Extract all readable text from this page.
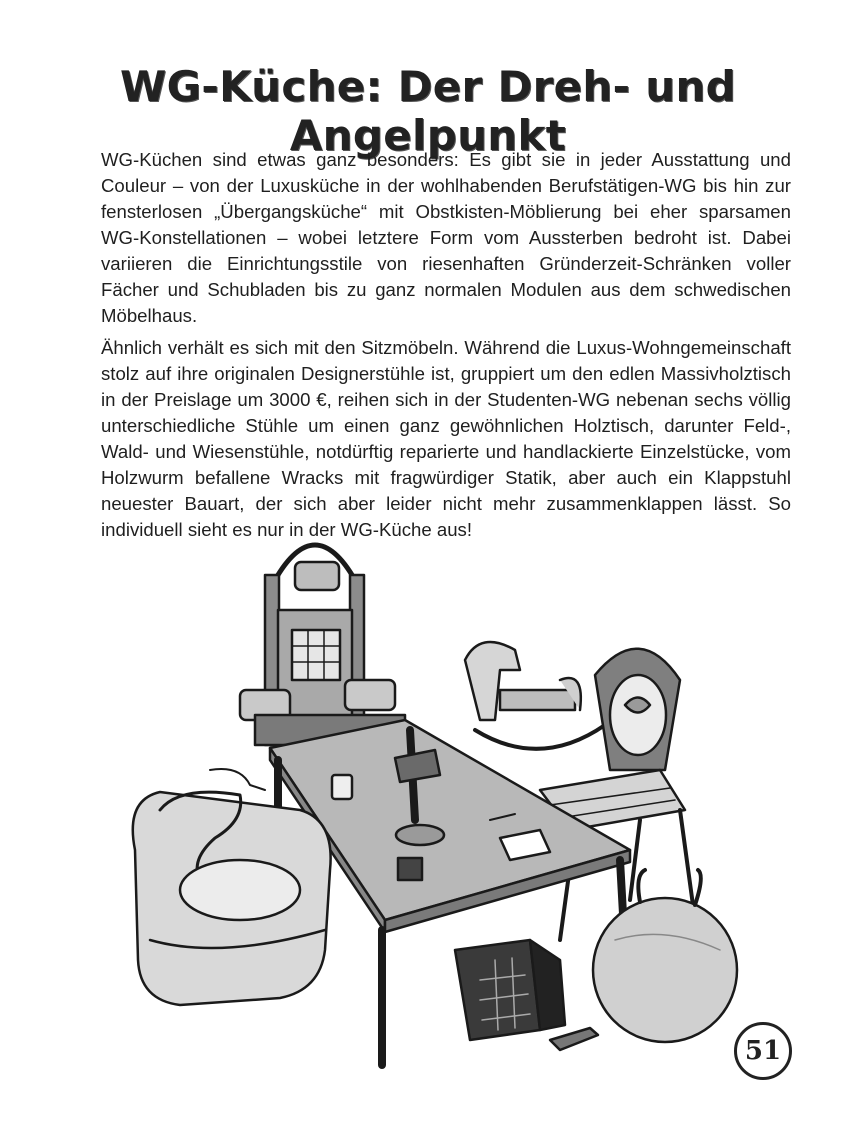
WG-Küche: Der Dreh- und Angelpunkt

WG-Küchen sind etwas ganz besonders: Es gibt sie in jeder Ausstattung und Couleur – von der Luxusküche in der wohlhabenden Berufstätigen-WG bis hin zur fensterlosen „Übergangsküche“ mit Obstkisten-Möblierung bei eher sparsamen WG-Konstellationen – wobei letztere Form vom Aussterben bedroht ist. Dabei variieren die Einrichtungsstile von riesenhaften Gründerzeit-Schränken voller Fächer und Schubladen bis zu ganz normalen Modulen aus dem schwedischen Möbelhaus.

Ähnlich verhält es sich mit den Sitzmöbeln. Während die Luxus-Wohngemeinschaft stolz auf ihre originalen Designerstühle ist, gruppiert um den edlen Massivholztisch in der Preislage um 3000 €, reihen sich in der Studenten-WG nebenan sechs völlig unterschiedliche Stühle um einen ganz gewöhnlichen Holztisch, darunter Feld-, Wald- und Wiesenstühle, notdürftig reparierte und handlackierte Einzelstücke, vom Holzwurm befallene Wracks mit fragwürdiger Statik, aber auch ein Klappstuhl neuester Bauart, der sich aber leider nicht mehr zusammenklappen lässt. So individuell sieht es nur in der WG-Küche aus!

51
